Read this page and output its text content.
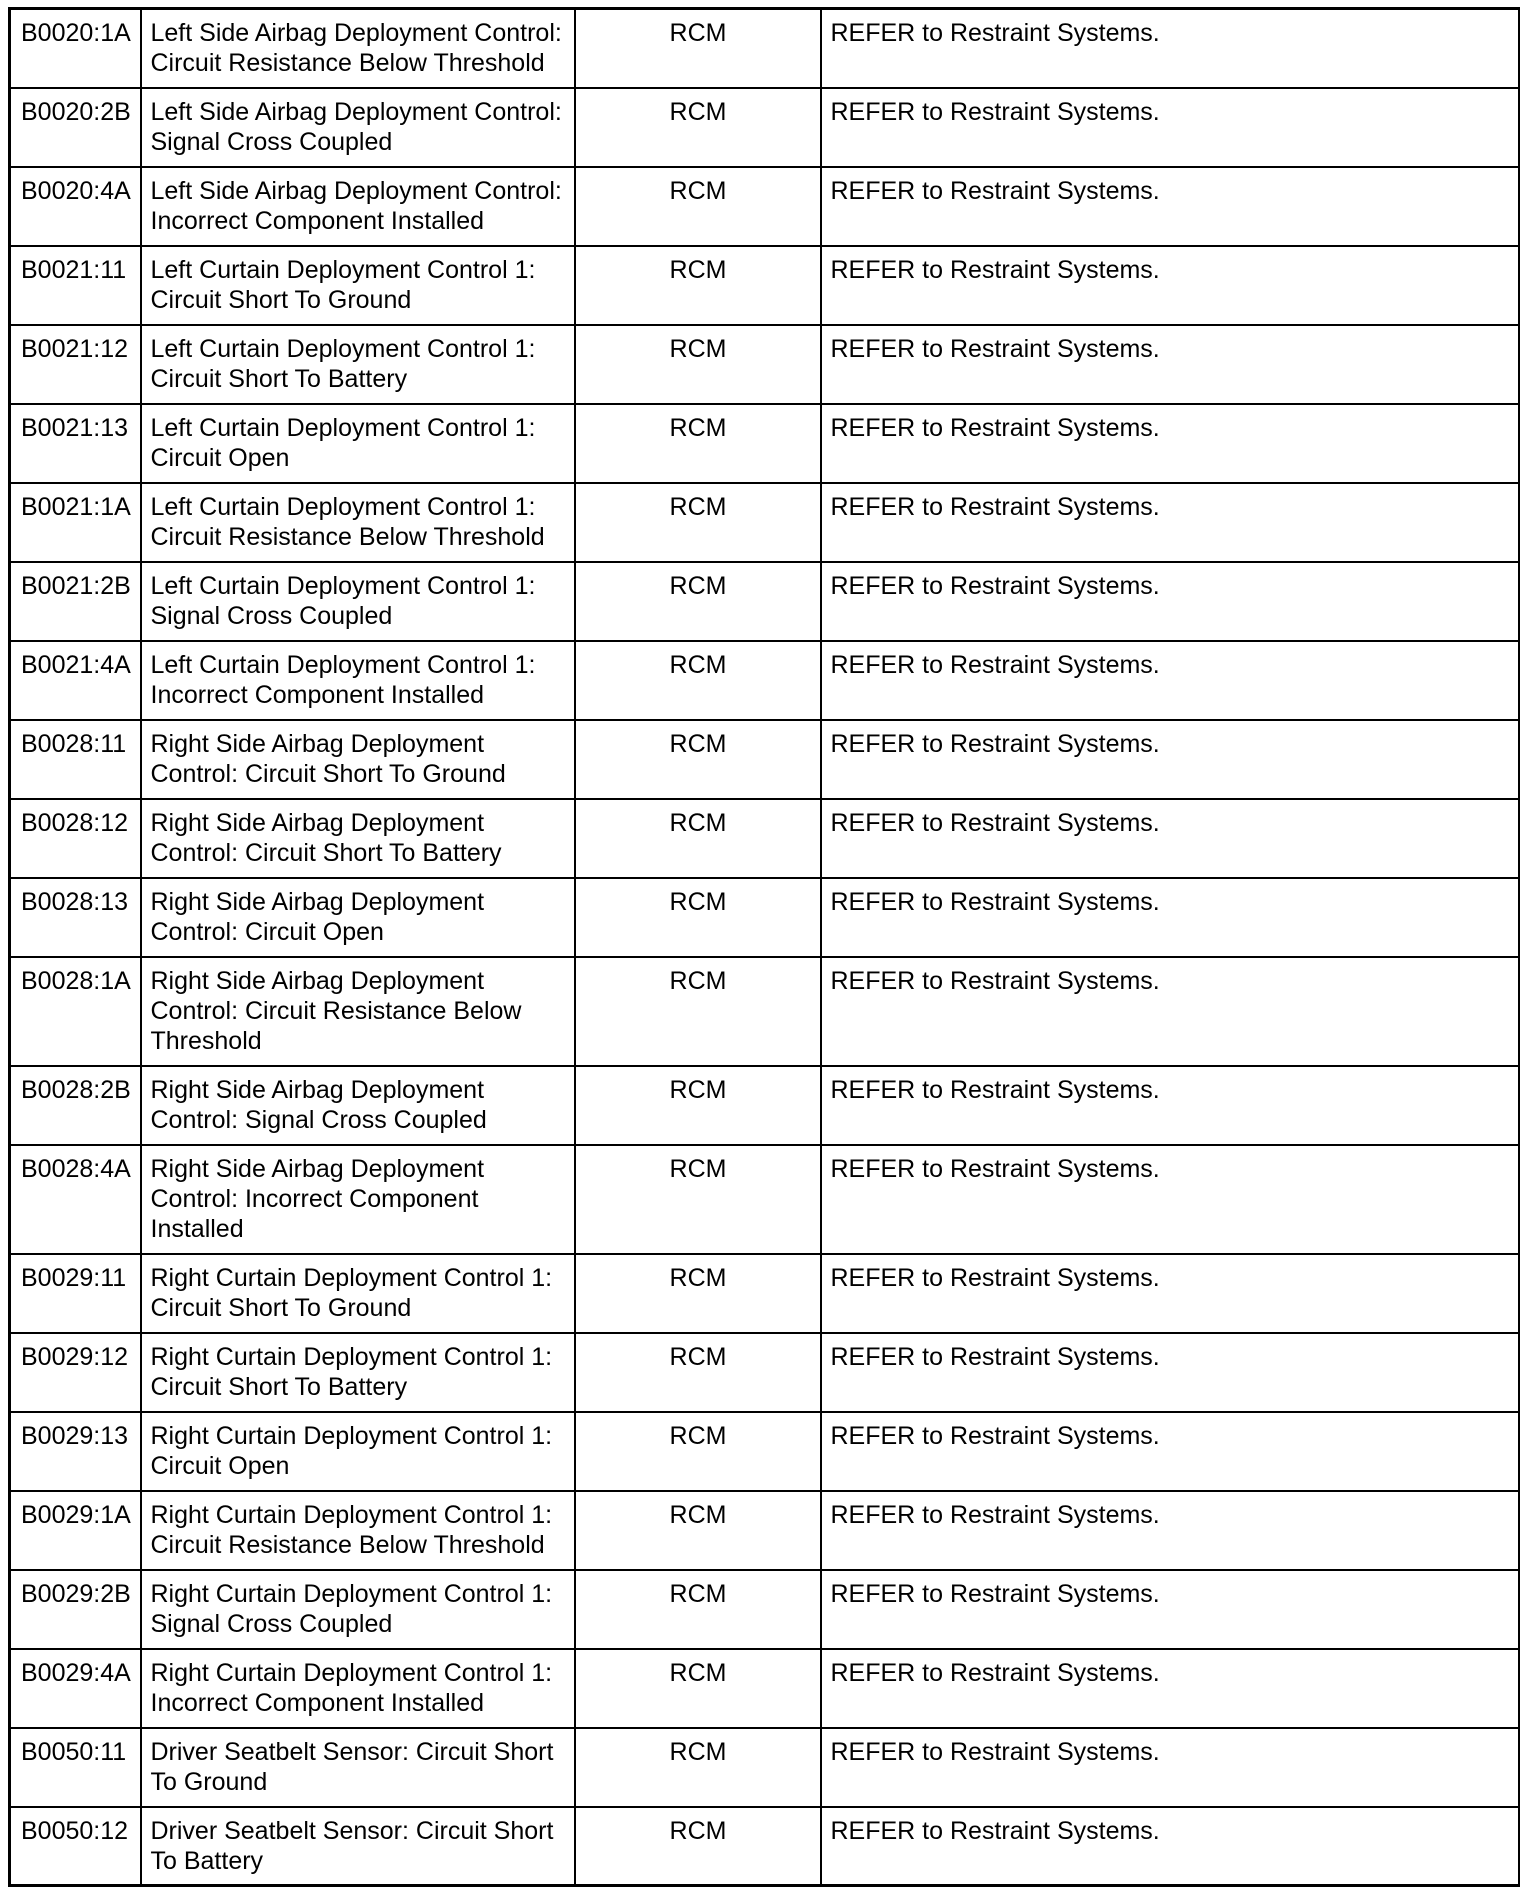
B0020:1A	Left Side Airbag Deployment Control:
Circuit Resistance Below Threshold	RCM	REFER to Restraint Systems.
B0020:2B	Left Side Airbag Deployment Control:
Signal Cross Coupled	RCM	REFER to Restraint Systems.
B0020:4A	Left Side Airbag Deployment Control:
Incorrect Component Installed	RCM	REFER to Restraint Systems.
B0021:11	Left Curtain Deployment Control 1:
Circuit Short To Ground	RCM	REFER to Restraint Systems.
B0021:12	Left Curtain Deployment Control 1:
Circuit Short To Battery	RCM	REFER to Restraint Systems.
B0021:13	Left Curtain Deployment Control 1:
Circuit Open	RCM	REFER to Restraint Systems.
B0021:1A	Left Curtain Deployment Control 1:
Circuit Resistance Below Threshold	RCM	REFER to Restraint Systems.
B0021:2B	Left Curtain Deployment Control 1:
Signal Cross Coupled	RCM	REFER to Restraint Systems.
B0021:4A	Left Curtain Deployment Control 1:
Incorrect Component Installed	RCM	REFER to Restraint Systems.
B0028:11	Right Side Airbag Deployment
Control: Circuit Short To Ground	RCM	REFER to Restraint Systems.
B0028:12	Right Side Airbag Deployment
Control: Circuit Short To Battery	RCM	REFER to Restraint Systems.
B0028:13	Right Side Airbag Deployment
Control: Circuit Open	RCM	REFER to Restraint Systems.
B0028:1A	Right Side Airbag Deployment
Control: Circuit Resistance Below
Threshold	RCM	REFER to Restraint Systems.
B0028:2B	Right Side Airbag Deployment
Control: Signal Cross Coupled	RCM	REFER to Restraint Systems.
B0028:4A	Right Side Airbag Deployment
Control: Incorrect Component
Installed	RCM	REFER to Restraint Systems.
B0029:11	Right Curtain Deployment Control 1:
Circuit Short To Ground	RCM	REFER to Restraint Systems.
B0029:12	Right Curtain Deployment Control 1:
Circuit Short To Battery	RCM	REFER to Restraint Systems.
B0029:13	Right Curtain Deployment Control 1:
Circuit Open	RCM	REFER to Restraint Systems.
B0029:1A	Right Curtain Deployment Control 1:
Circuit Resistance Below Threshold	RCM	REFER to Restraint Systems.
B0029:2B	Right Curtain Deployment Control 1:
Signal Cross Coupled	RCM	REFER to Restraint Systems.
B0029:4A	Right Curtain Deployment Control 1:
Incorrect Component Installed	RCM	REFER to Restraint Systems.
B0050:11	Driver Seatbelt Sensor: Circuit Short
To Ground	RCM	REFER to Restraint Systems.
B0050:12	Driver Seatbelt Sensor: Circuit Short
To Battery	RCM	REFER to Restraint Systems.
